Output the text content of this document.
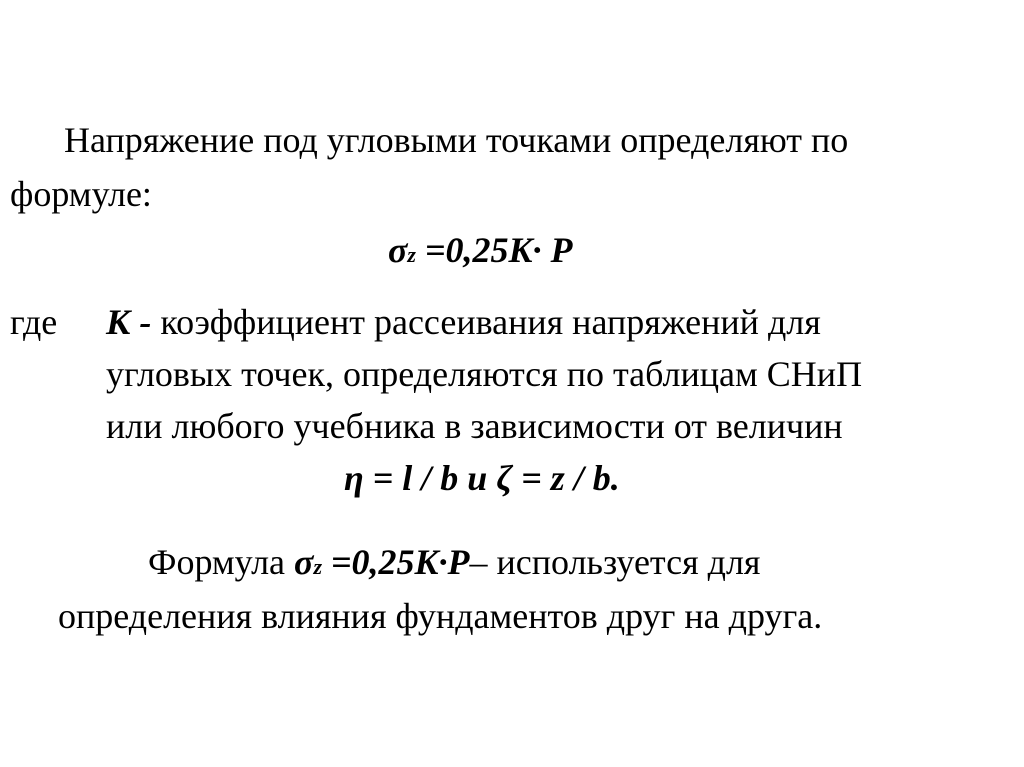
Напряжение под угловыми точками определяют по
формуле:
σz =0,25K· P
где К - коэффициент рассеивания напряжений для
угловых точек, определяются по таблицам СНиП
или любого учебника в зависимости от величин
η = l / b и ζ = z / b.
Формула σz =0,25K·P– используется для
определения влияния фундаментов друг на друга.
